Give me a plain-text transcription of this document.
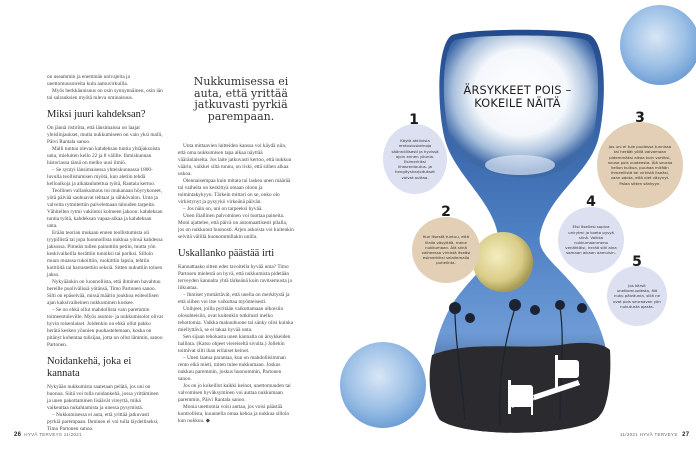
on useammin ja enemmän univajeita ja unettomuusoireita kuin aamuvirkuilla.

Myös herkkäunisuus on osin synnynnäinen, osin iän tai sairauksien myötä tuleva ominaisuus.

Miksi juuri kahdeksan?

On jännä ristiriita, että länsimaissa on laajat yleislinjaukset, mutta nukkumiseen on vain yksi malli, Päivi Rantala sanoo.

Malli tuntuu olevan kahdeksan tuntia yhtäjaksoista unta, mieluiten kello 22 ja 8 välille. Ihmiskunnan historiassa tämä on melko uusi ilmiö.

– Se syntyi länsimaisessa yhteiskunnassa 1800-luvulla teollistumisen myötä, kun aletiin tehdä kelloaikoja ja aikataulutettua työtä, Rantala kertoo.

Teollinen vallankumous toi mukanaan höyrykoneet, yötä päivää sauhuavat tehtaat ja sähkövalon. Unta ja valveita rytmitettiin palvelemaan talouden tarpeita. Vähitellen rytmi vakiintui kolmeen jakoon: kahdeksan tuntia työtä, kahdeksan vapaa-aikaa ja kahdeksan unta.

Erään teorian mukaan ennen teollistumista oli tyypillistä tai jopa luonnollista nukkua yönsä kahdessa jaksossa. Pimeän tullen painuttiin petiin, mutta yön keskivaiheilla herättiin tunniksi tai pariksi. Silloin muun muassa rukoiltiin, ruokittiin lapsia, tehtiin kotitöitä tai harrastettiin seksiä. Sitten nukuttiin toinen jakso.

Nykyäänkin on luonnollista, että ihminen havahtuu hereille puolivälissä yötänsä, Timo Partonen sanoo. Silti on epäselvää, missä määrin joukkoa esiteollisen ajan kaksivaiheinen nukkuminen koskee.

– Se on ehkä ollut mahdollista vain paremmin toimeentuleville. Myös asumis- ja nukkumisolot olivat hyvin toisenlaiset. Joidenkin on ehkä ollut pakko herätä kesken yöunien puuhastelemaan, koska on pitänyt kohentaa tulisijaa, jotta on ollut lämmin, sanoo Partonen.

Noidankehä, joka ei kannata

Nykyään nukkumista saatetaan pelätä, jos uni on huonoa. Siitä voi tulla noidankehä, jossa yrittäminen ja unen pakottaminen lisäävät vireyttä, mikä vaikeuttaa nukahtamista ja unessa pysymistä.

– Nukkumisessa ei auta, että yrittää jatkuvasti pyrkiä parempaan. Ihminen ei voi tulla täydelliseksi, Timo Partonen sanoo.

Nukkumisessa ei auta, että yrittää jatkuvasti pyrkiä parempaan.

Unta mittaavien laitteiden kanssa voi käydä niin, että oma nukkumisen tapa alkaa näyttää vääränlaiselta. Jos laite jatkuvasti kertoo, että nukkuu väärin, vaikkei siltä tunnu, on riski, että siihen alkaa uskoa.

Olennaisempaa kuin mitata tai laskea unen määrää tai vaiheita on keskittyä omaan oloon ja toimintakykyyn. Tärkein mittari on se, onko olo virkistynyt ja pysyykö virkeänä päivän.

– Jos näin on, uni on tarpeeksi hyvää.

Unen lliallinen palvominen voi tuottaa paineita. Moni ajattelee, että päivä on automaattisesti pilalla, jos on nukkunut huonosti. Arjen askoista voi kuitenkin selvitä välillä huonommillakin unilla.

Uskallanko päästää irti

Kannattaako sitten edes tavoitella hyvää unta? Timo Partosen mielestä on hyvä, että nukkumista pidetään terveyden kannalta yhtä tärkeänä kuin ravitsemusta ja liikuntaa.

– Ihmiset ymmärtävät, että unella on merkitystä ja että siihen voi itse vaikuttaa myönteisesti.

Unihjeet, joilla pyritään vaikuttamaan ulkoisiin olosuhteisiin, ovat kuitenkin tutkitusti melko tehottomia. Vaikka makuuhuone tai sänky olisi kuinka miellyttävä, se ei takaa hyvää unta.

Sen sijaan tehokasta unen kannalta on ärsykkeiden hallinta. (Katso ohjeet viereiseltä sivulta.) Jollekin toimivat silti ihan erilaiset keinot.

– Unen laatua parantaa, kun on mahdollisimman rento eikä mieti, miten tulee nukkumaan. Joskus nukkuu paremmin, joskus huonommin, Partonen sanoo.

Jos on jo kokeillut kaikki keinot, unettomuuden tai valvomisen hyväksyminen voi auttaa nukkumaan paremmin, Päivi Rantala sanoo.

Monia unettomia voisi auttaa, jos voisi päästää kontrollista, kuunnella omaa kehoa ja nukkua silloin kun nukkuu. ◆

26 HYVÄ TERVEYS 11/2021
ÄRSYKKEET POIS –
KOKEILE NÄITÄ
Käytä aktiivisia rentoutuskeinoja säännöllisesti ja hyvissä ajoin ennen yöunia. Esimerkiksi lihasrentoutus- ja hengitysharjoitukset voivat auttaa.
1
Kun itsestä tuntuu, että illalla väsyttää, mene nukkumaan. Älä siinä vaiheessa virkistä itseäsi esimerkiksi selailemalla puhelinta.
2
Jos uni ei tule puolessa tunnissa tai heräät yöllä valvomaan pidemmäksi aikaa kuin vartiksi, nouse pois vuoteesta. Älä seuraa kellon kulkua, puuhaa mitään ihmeellistä tai virkistä itseäsi, vaan odota, että olet väsynyt. Palaa sitten sänkyyn.
3
Etsi itsellesi sopiva unirytmi ja koeta pysyä siinä. Vaikka nukkumaanmeno venähtäisi, herää silti aina samaan aikaan aamuisin.
4
Jos kärsit unettomuudesta, älä nuku päiväunia, sillä ne ovat pois seuraavan yön nukutusta ajasta.
5
11/2021 HYVÄ TERVEYS 27
